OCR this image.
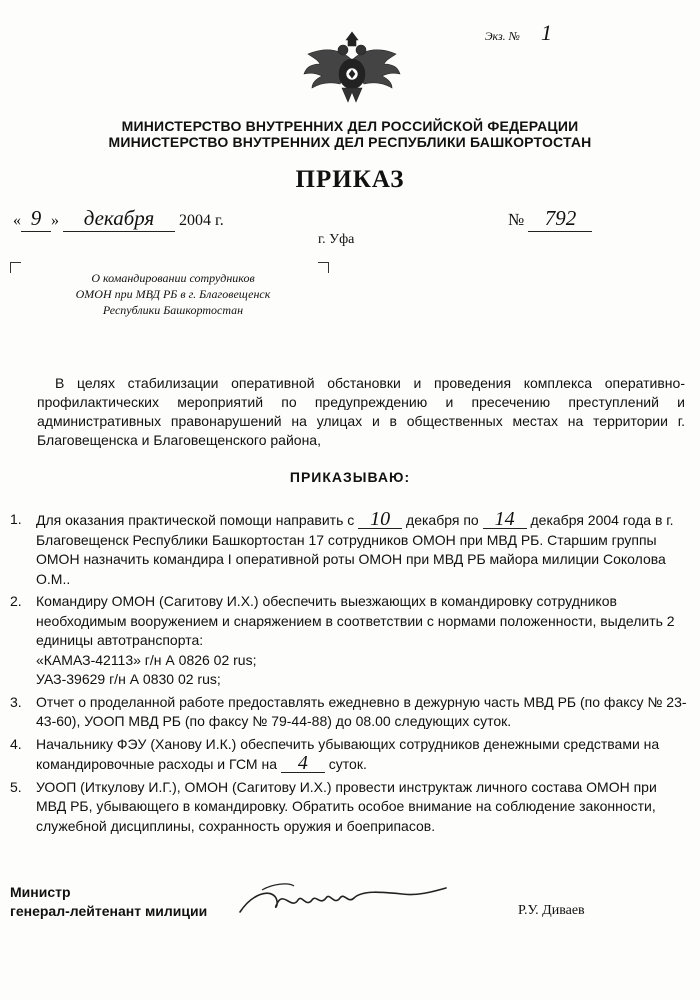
Экз. № 1
МИНИСТЕРСТВО ВНУТРЕННИХ ДЕЛ РОССИЙСКОЙ ФЕДЕРАЦИИ
МИНИСТЕРСТВО ВНУТРЕННИХ ДЕЛ РЕСПУБЛИКИ БАШКОРТОСТАН
ПРИКАЗ
« 9 » декабря 2004 г.	№ 792
г. Уфа
О командировании сотрудников
ОМОН при МВД РБ в г. Благовещенск
Республики Башкортостан
В целях стабилизации оперативной обстановки и проведения комплекса оперативно-профилактических мероприятий по предупреждению и пресечению преступлений и административных правонарушений на улицах и в общественных местах на территории г. Благовещенска и Благовещенского района,
ПРИКАЗЫВАЮ:
1. Для оказания практической помощи направить с 10 декабря по 14 декабря 2004 года в г. Благовещенск Республики Башкортостан 17 сотрудников ОМОН при МВД РБ. Старшим группы ОМОН назначить командира I оперативной роты ОМОН при МВД РБ майора милиции Соколова О.М..
2. Командиру ОМОН (Сагитову И.Х.) обеспечить выезжающих в командировку сотрудников необходимым вооружением и снаряжением в соответствии с нормами положенности, выделить 2 единицы автотранспорта:
«КАМАЗ-42113» г/н А 0826 02 rus;
УАЗ-39629 г/н А 0830 02 rus;
3. Отчет о проделанной работе предоставлять ежедневно в дежурную часть МВД РБ (по факсу № 23-43-60), УООП МВД РБ (по факсу № 79-44-88) до 08.00 следующих суток.
4. Начальнику ФЭУ (Ханову И.К.) обеспечить убывающих сотрудников денежными средствами на командировочные расходы и ГСМ на 4 суток.
5. УООП (Иткулову И.Г.), ОМОН (Сагитову И.Х.) провести инструктаж личного состава ОМОН при МВД РБ, убывающего в командировку. Обратить особое внимание на соблюдение законности, служебной дисциплины, сохранность оружия и боеприпасов.
Министр
генерал-лейтенант милиции	Р.У. Диваев
